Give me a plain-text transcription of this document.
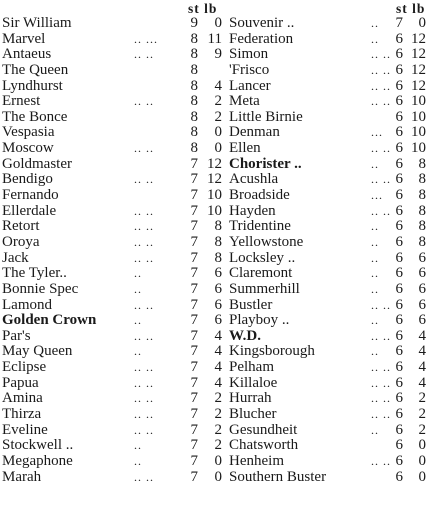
st lb
Sir William	9	0
Marvel	.. ...	8 11
Antaeus	.. ..	8	9
The Queen	8
Lyndhurst	8	4
Ernest	.. ..	8	2
The Bonce	8	2
Vespasia	8	0
Moscow	.. ..	8	0
Goldmaster	7 12
Bendigo	.. ..	7 12
Fernando	7 10
Ellerdale	.. ..	7 10
Retort	.. ..	7	8
Oroya	.. ..	7	8
Jack	.. ..	7	8
The Tyler..	..	7	6
Bonnie Spec	..	7	6
Lamond	.. ..	7	6
Golden Crown	..	7	6
Par's	.. ..	7	4
May Queen	..	7	4
Eclipse	.. ..	7	4
Papua	.. ..	7	4
Amina	.. ..	7	2
Thirza	.. ..	7	2
Eveline	.. ..	7	2
Stockwell ..	..	7	2
Megaphone	..	7	0
Marah	.. ..	7	0
st lb
Souvenir ..	..	7	0
Federation	..	6 12
Simon	.. .. 6 12
'Frisco	.. .. 6 12
Lancer	.. .. 6 12
Meta	.. .. 6 10
Little Birnie	6 10
Denman	... 6 10
Ellen	.. .. 6 10
Chorister ..	..	6	8
Acushla	.. .. 6	8
Broadside	... 6	8
Hayden	.. .. 6	8
Tridentine	..	6	8
Yellowstone	..	6	8
Locksley ..	..	6	6
Claremont	..	6	6
Summerhill	..	6	6
Bustler	.. .. 6	6
Playboy ..	..	6	6
W.D.	.. .. 6	4
Kingsborough	..	6	4
Pelham	.. .. 6	4
Killaloe	.. .. 6	4
Hurrah	.. .. 6	2
Blucher	.. .. 6	2
Gesundheit	..	6	2
Chatsworth	6	0
Henheim	.. .. 6	0
Southern Buster	6	0
